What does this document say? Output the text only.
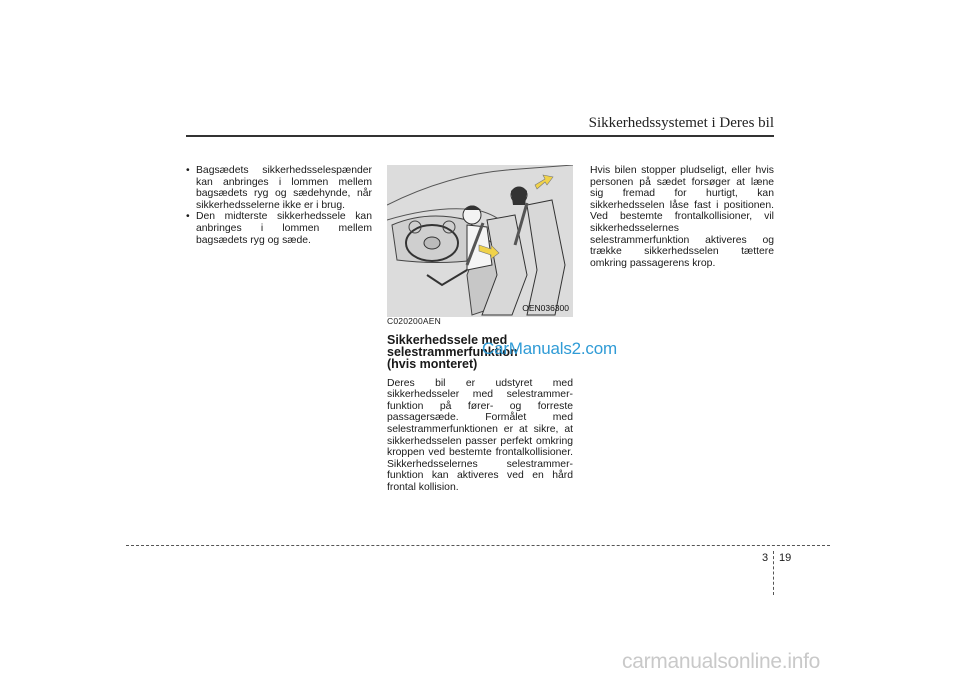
Sikkerhedssystemet i Deres bil
• Bagsædets sikkerhedsselespænder kan anbringes i lommen mellem bagsædets ryg og sædehynde, når sikkerhedsselerne ikke er i brug.
• Den midterste sikkerhedssele kan anbringes i lommen mellem bagsædets ryg og sæde.
OEN036300
C020200AEN
Sikkerhedssele med
selestrammerfunktion
(hvis monteret)
Deres bil er udstyret med sikkerhedsseler med selestrammer-funktion på fører- og forreste passagersæde. Formålet med selestrammerfunktionen er at sikre, at sikkerhedsselen passer perfekt omkring kroppen ved bestemte frontalkollisioner. Sikkerhedsselernes selestrammer-funktion kan aktiveres ved en hård frontal kollision.
CarManuals2.com
Hvis bilen stopper pludseligt, eller hvis personen på sædet forsøger at læne sig fremad for hurtigt, kan sikkerhedsselen låse fast i positionen. Ved bestemte frontalkollisioner, vil sikkerhedsselernes selestrammerfunktion aktiveres og trække sikkerhedsselen tættere omkring passagerens krop.
3 19
carmanualsonline.info
